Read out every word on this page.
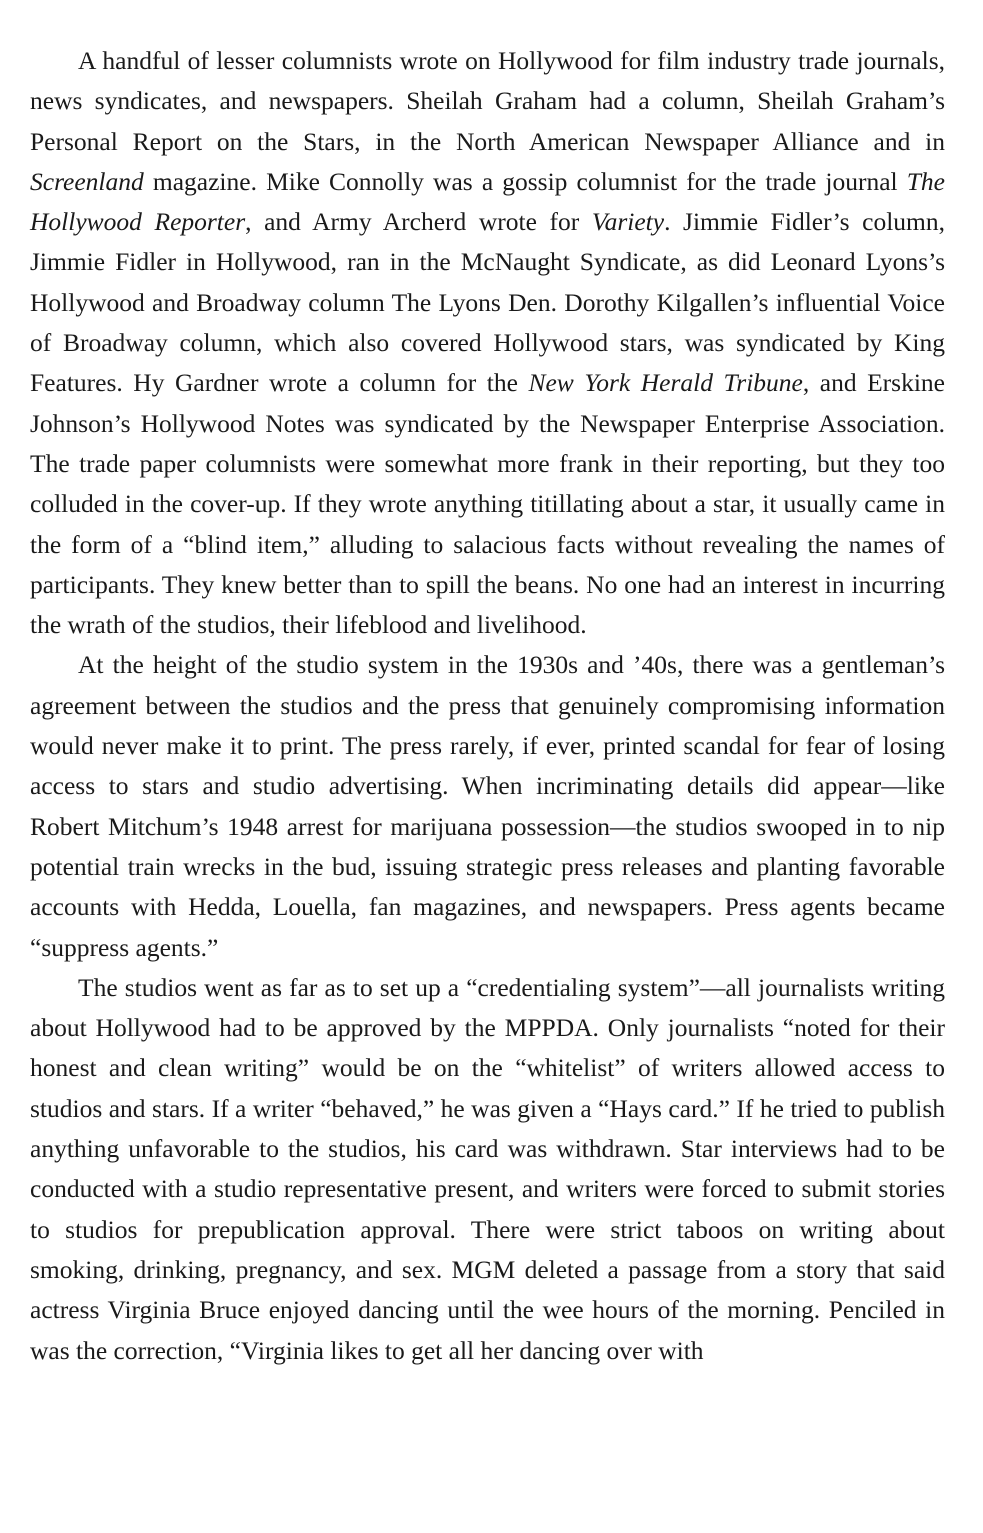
A handful of lesser columnists wrote on Hollywood for film industry trade journals, news syndicates, and newspapers. Sheilah Graham had a column, Sheilah Graham’s Personal Report on the Stars, in the North American Newspaper Alliance and in Screenland magazine. Mike Connolly was a gossip columnist for the trade journal The Hollywood Reporter, and Army Archerd wrote for Variety. Jimmie Fidler’s column, Jimmie Fidler in Hollywood, ran in the McNaught Syndicate, as did Leonard Lyons’s Hollywood and Broadway column The Lyons Den. Dorothy Kilgallen’s influential Voice of Broadway column, which also covered Hollywood stars, was syndicated by King Features. Hy Gardner wrote a column for the New York Herald Tribune, and Erskine Johnson’s Hollywood Notes was syndicated by the Newspaper Enterprise Association. The trade paper columnists were somewhat more frank in their reporting, but they too colluded in the cover-up. If they wrote anything titillating about a star, it usually came in the form of a “blind item,” alluding to salacious facts without revealing the names of participants. They knew better than to spill the beans. No one had an interest in incurring the wrath of the studios, their lifeblood and livelihood.

At the height of the studio system in the 1930s and ’40s, there was a gentleman’s agreement between the studios and the press that genuinely compromising information would never make it to print. The press rarely, if ever, printed scandal for fear of losing access to stars and studio advertising. When incriminating details did appear—like Robert Mitchum’s 1948 arrest for marijuana possession—the studios swooped in to nip potential train wrecks in the bud, issuing strategic press releases and planting favorable accounts with Hedda, Louella, fan magazines, and newspapers. Press agents became “suppress agents.”

The studios went as far as to set up a “credentialing system”—all journalists writing about Hollywood had to be approved by the MPPDA. Only journalists “noted for their honest and clean writing” would be on the “whitelist” of writers allowed access to studios and stars. If a writer “behaved,” he was given a “Hays card.” If he tried to publish anything unfavorable to the studios, his card was withdrawn. Star interviews had to be conducted with a studio representative present, and writers were forced to submit stories to studios for prepublication approval. There were strict taboos on writing about smoking, drinking, pregnancy, and sex. MGM deleted a passage from a story that said actress Virginia Bruce enjoyed dancing until the wee hours of the morning. Penciled in was the correction, “Virginia likes to get all her dancing over with
